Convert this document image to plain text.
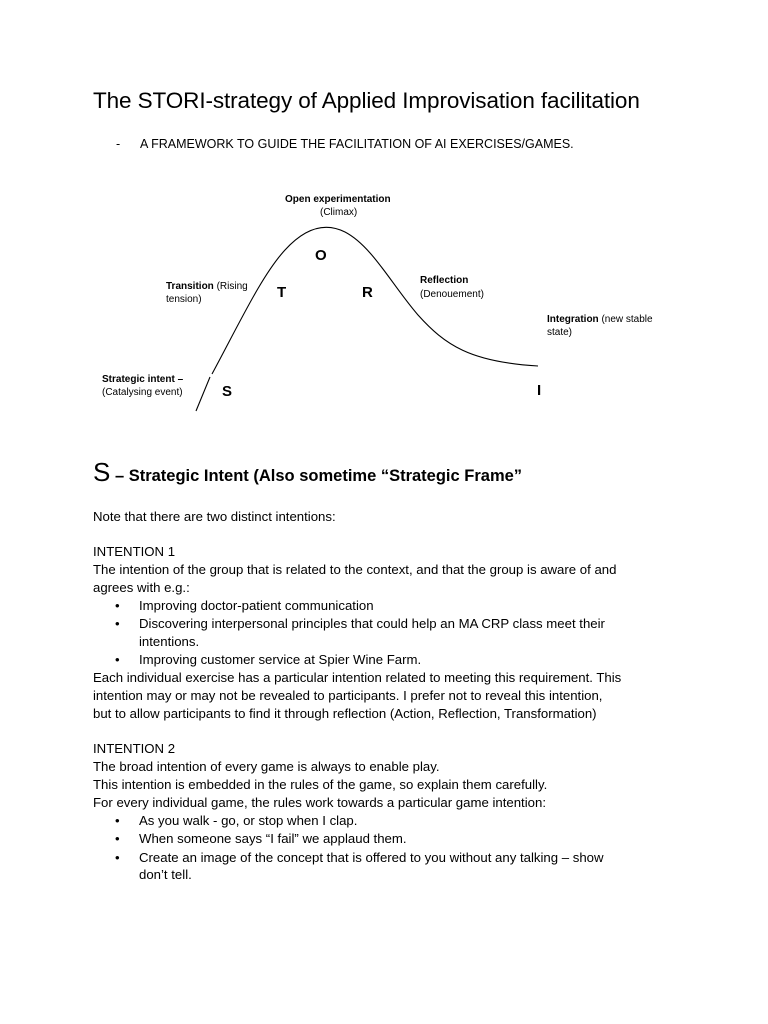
The STORI-strategy of Applied Improvisation facilitation
- A FRAMEWORK TO GUIDE THE FACILITATION OF AI EXERCISES/GAMES.
Open experimentation
(Climax)
Transition (Rising
tension)
Reflection
(Denouement)
Integration (new stable
state)
Strategic intent –
(Catalysing event)	S
T
O
R
I
S – Strategic Intent (Also sometime “Strategic Frame”
Note that there are two distinct intentions:
INTENTION 1
The intention of the group that is related to the context, and that the group is aware of and
agrees with e.g.:
• Improving doctor-patient communication
• Discovering interpersonal principles that could help an MA CRP class meet their
intentions.
• Improving customer service at Spier Wine Farm.
Each individual exercise has a particular intention related to meeting this requirement. This
intention may or may not be revealed to participants. I prefer not to reveal this intention,
but to allow participants to find it through reflection (Action, Reflection, Transformation)
INTENTION 2
The broad intention of every game is always to enable play.
This intention is embedded in the rules of the game, so explain them carefully.
For every individual game, the rules work towards a particular game intention:
• As you walk - go, or stop when I clap.
• When someone says “I fail” we applaud them.
• Create an image of the concept that is offered to you without any talking – show
don’t tell.
